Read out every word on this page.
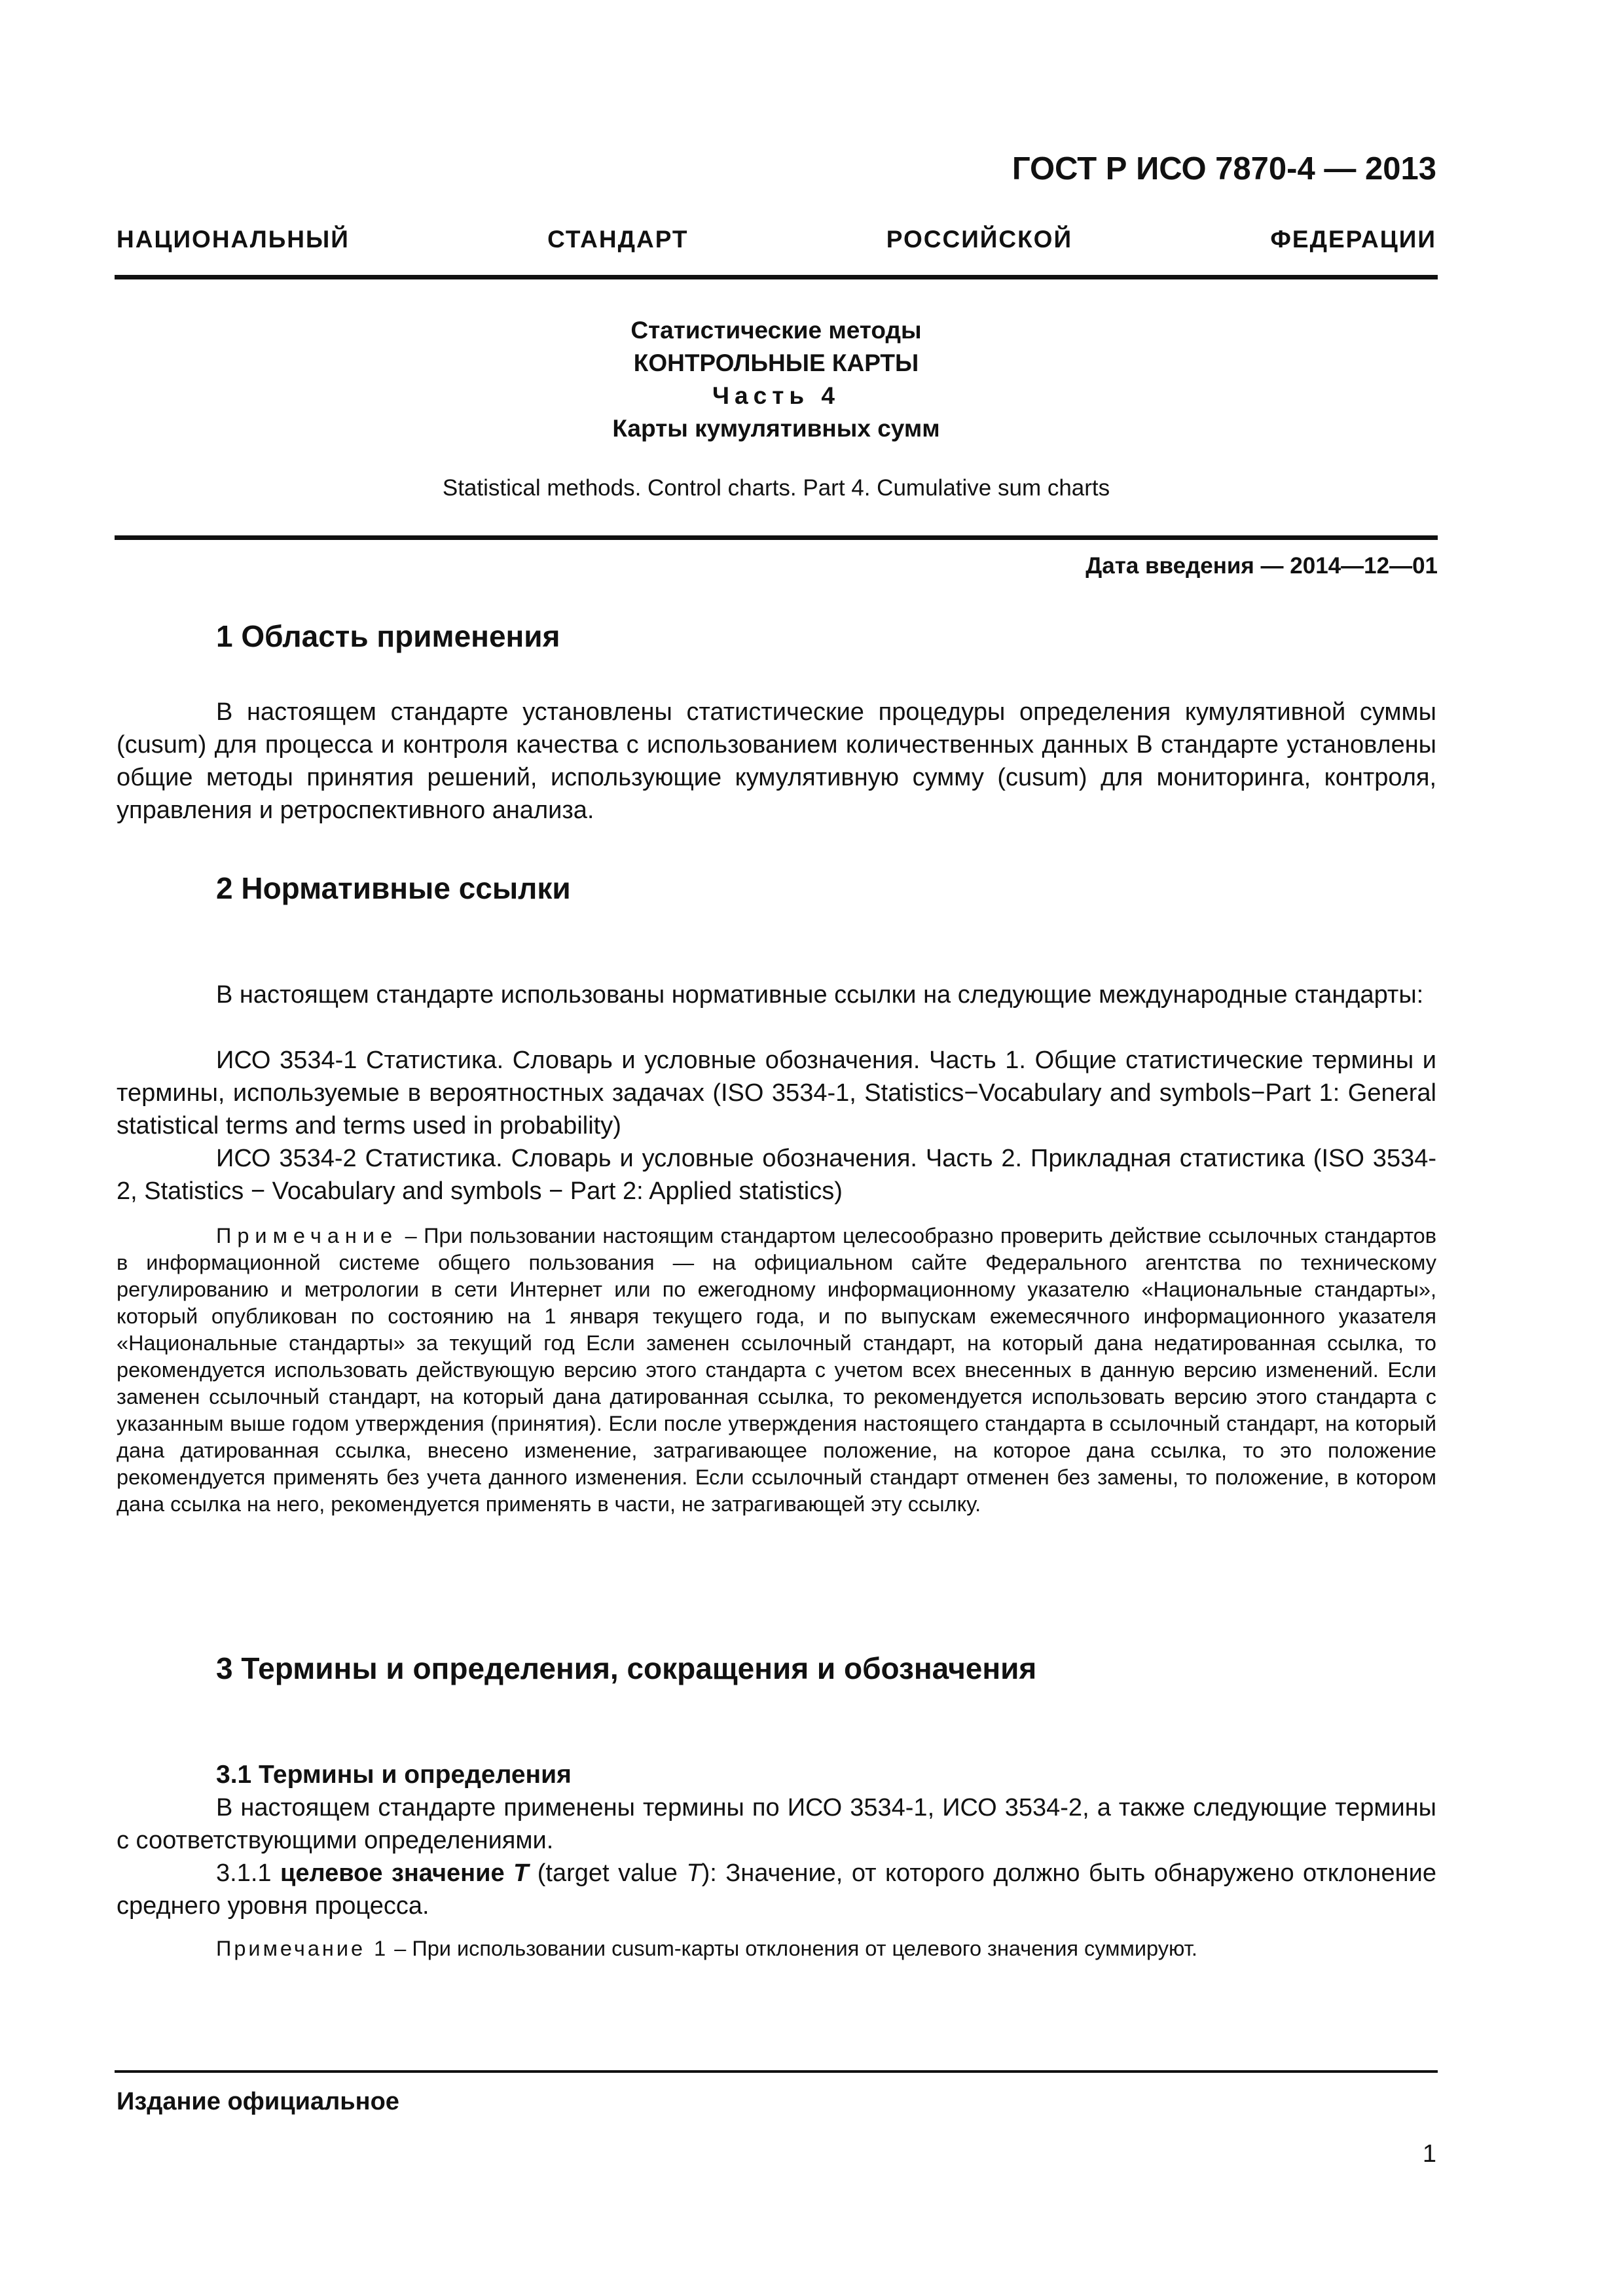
ГОСТ Р ИСО 7870-4 — 2013
НАЦИОНАЛЬНЫЙ СТАНДАРТ РОССИЙСКОЙ ФЕДЕРАЦИИ
Статистические методы
КОНТРОЛЬНЫЕ КАРТЫ
Часть 4
Карты кумулятивных сумм
Statistical methods. Control charts. Part 4. Cumulative sum charts
Дата введения — 2014—12—01
1 Область применения
В настоящем стандарте установлены статистические процедуры определения кумулятивной суммы (cusum) для процесса и контроля качества с использованием количественных данных В стандарте установлены общие методы принятия решений, использующие кумулятивную сумму (cusum) для мониторинга, контроля, управления и ретроспективного анализа.
2 Нормативные ссылки
В настоящем стандарте использованы нормативные ссылки на следующие международные стандарты:
ИСО 3534-1 Статистика. Словарь и условные обозначения. Часть 1. Общие статистические термины и термины, используемые в вероятностных задачах (ISO 3534-1, Statistics−Vocabulary and symbols−Part 1: General statistical terms and terms used in probability)
ИСО 3534-2 Статистика. Словарь и условные обозначения. Часть 2. Прикладная статистика (ISO 3534-2, Statistics − Vocabulary and symbols − Part 2: Applied statistics)
Примечание – При пользовании настоящим стандартом целесообразно проверить действие ссылочных стандартов в информационной системе общего пользования — на официальном сайте Федерального агентства по техническому регулированию и метрологии в сети Интернет или по ежегодному информационному указателю «Национальные стандарты», который опубликован по состоянию на 1 января текущего года, и по выпускам ежемесячного информационного указателя «Национальные стандарты» за текущий год Если заменен ссылочный стандарт, на который дана недатированная ссылка, то рекомендуется использовать действующую версию этого стандарта с учетом всех внесенных в данную версию изменений. Если заменен ссылочный стандарт, на который дана датированная ссылка, то рекомендуется использовать версию этого стандарта с указанным выше годом утверждения (принятия). Если после утверждения настоящего стандарта в ссылочный стандарт, на который дана датированная ссылка, внесено изменение, затрагивающее положение, на которое дана ссылка, то это положение рекомендуется применять без учета данного изменения. Если ссылочный стандарт отменен без замены, то положение, в котором дана ссылка на него, рекомендуется применять в части, не затрагивающей эту ссылку.
3 Термины и определения, сокращения и обозначения
3.1 Термины и определения
В настоящем стандарте применены термины по ИСО 3534-1, ИСО 3534-2, а также следующие термины с соответствующими определениями.
3.1.1 целевое значение T (target value T): Значение, от которого должно быть обнаружено отклонение среднего уровня процесса.
Примечание 1 – При использовании cusum-карты отклонения от целевого значения суммируют.
Издание официальное
1
